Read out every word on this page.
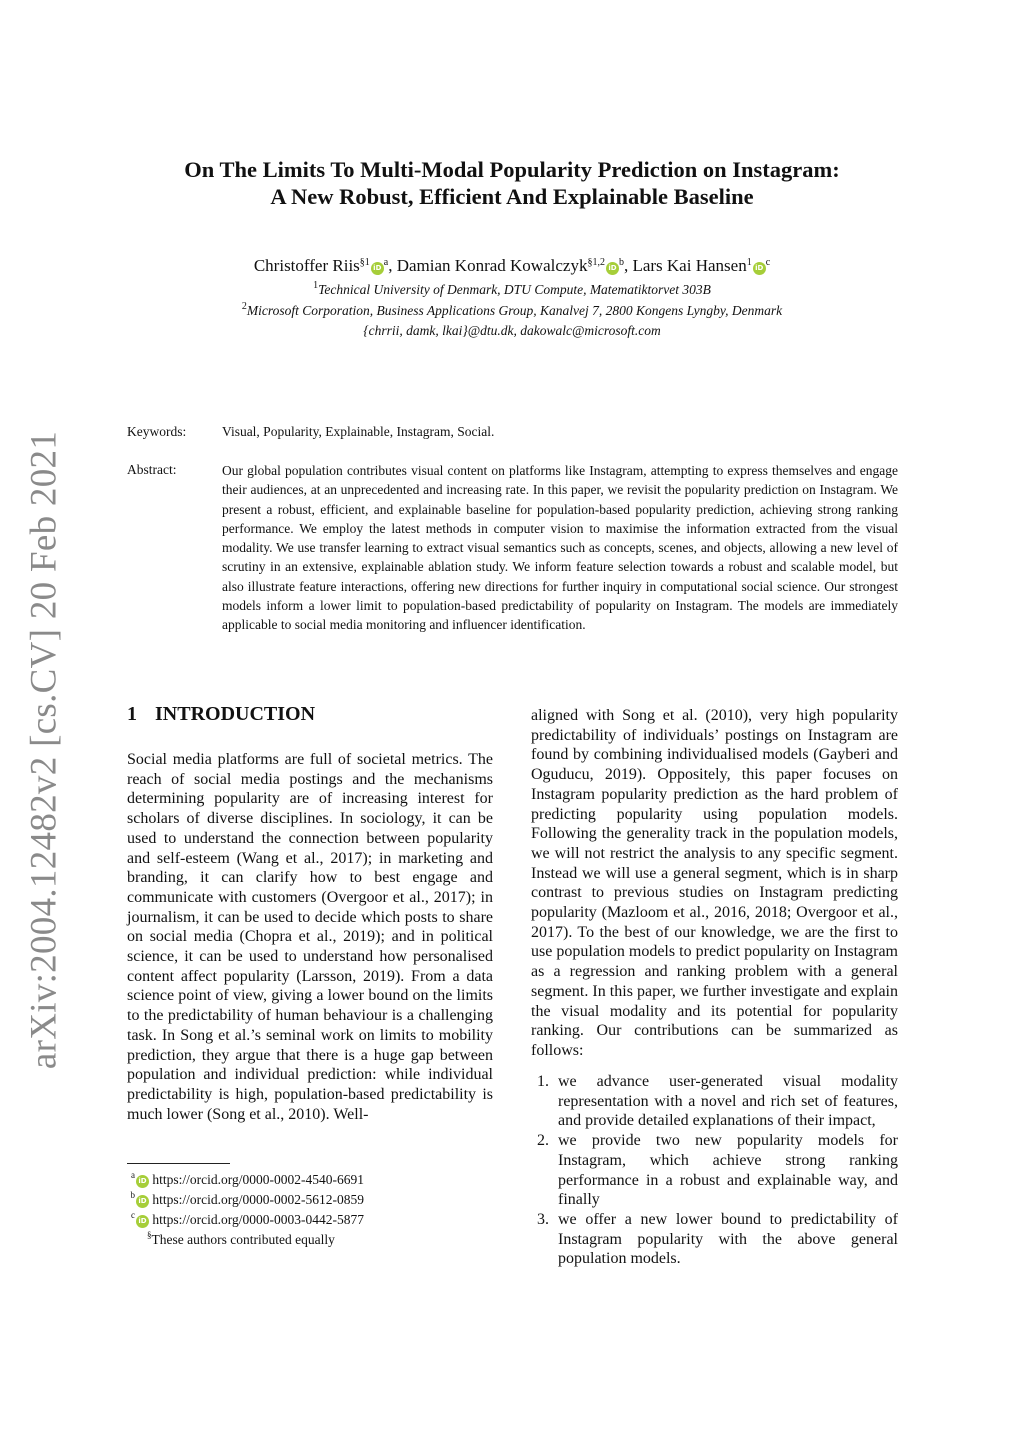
arXiv:2004.12482v2 [cs.CV] 20 Feb 2021
On The Limits To Multi-Modal Popularity Prediction on Instagram:
A New Robust, Efficient And Explainable Baseline
Christoffer Riis$^{\S 1}$ iD $^a$, Damian Konrad Kowalczyk$^{\S 1,2}$ iD $^b$, Lars Kai Hansen$^1$ iD $^c$
$^1$Technical University of Denmark, DTU Compute, Matematiktorvet 303B
$^2$Microsoft Corporation, Business Applications Group, Kanalvej 7, 2800 Kongens Lyngby, Denmark
{chrrii, damk, lkai}@dtu.dk, dakowalc@microsoft.com
Keywords:	Visual, Popularity, Explainable, Instagram, Social.
Abstract:	Our global population contributes visual content on platforms like Instagram, attempting to express themselves and engage their audiences, at an unprecedented and increasing rate. In this paper, we revisit the popularity prediction on Instagram. We present a robust, efficient, and explainable baseline for population-based popularity prediction, achieving strong ranking performance. We employ the latest methods in computer vision to maximise the information extracted from the visual modality. We use transfer learning to extract visual semantics such as concepts, scenes, and objects, allowing a new level of scrutiny in an extensive, explainable ablation study. We inform feature selection towards a robust and scalable model, but also illustrate feature interactions, offering new directions for further inquiry in computational social science. Our strongest models inform a lower limit to population-based predictability of popularity on Instagram. The models are immediately applicable to social media monitoring and influencer identification.
1 INTRODUCTION
Social media platforms are full of societal metrics. The reach of social media postings and the mechanisms determining popularity are of increasing interest for scholars of diverse disciplines. In sociology, it can be used to understand the connection between popularity and self-esteem (Wang et al., 2017); in marketing and branding, it can clarify how to best engage and communicate with customers (Overgoor et al., 2017); in journalism, it can be used to decide which posts to share on social media (Chopra et al., 2019); and in political science, it can be used to understand how personalised content affect popularity (Larsson, 2019). From a data science point of view, giving a lower bound on the limits to the predictability of human behaviour is a challenging task. In Song et al.’s seminal work on limits to mobility prediction, they argue that there is a huge gap between population and individual prediction: while individual predictability is high, population-based predictability is much lower (Song et al., 2010). Well-
$^a$iD https://orcid.org/0000-0002-4540-6691
$^b$iD https://orcid.org/0000-0002-5612-0859
$^c$iD https://orcid.org/0000-0003-0442-5877
§These authors contributed equally
aligned with Song et al. (2010), very high popularity predictability of individuals’ postings on Instagram are found by combining individualised models (Gayberi and Oguducu, 2019). Oppositely, this paper focuses on Instagram popularity prediction as the hard problem of predicting popularity using population models. Following the generality track in the population models, we will not restrict the analysis to any specific segment. Instead we will use a general segment, which is in sharp contrast to previous studies on Instagram predicting popularity (Mazloom et al., 2016, 2018; Overgoor et al., 2017). To the best of our knowledge, we are the first to use population models to predict popularity on Instagram as a regression and ranking problem with a general segment. In this paper, we further investigate and explain the visual modality and its potential for popularity ranking. Our contributions can be summarized as follows:
1. we advance user-generated visual modality representation with a novel and rich set of features, and provide detailed explanations of their impact,
2. we provide two new popularity models for Instagram, which achieve strong ranking performance in a robust and explainable way, and finally
3. we offer a new lower bound to predictability of Instagram popularity with the above general population models.
